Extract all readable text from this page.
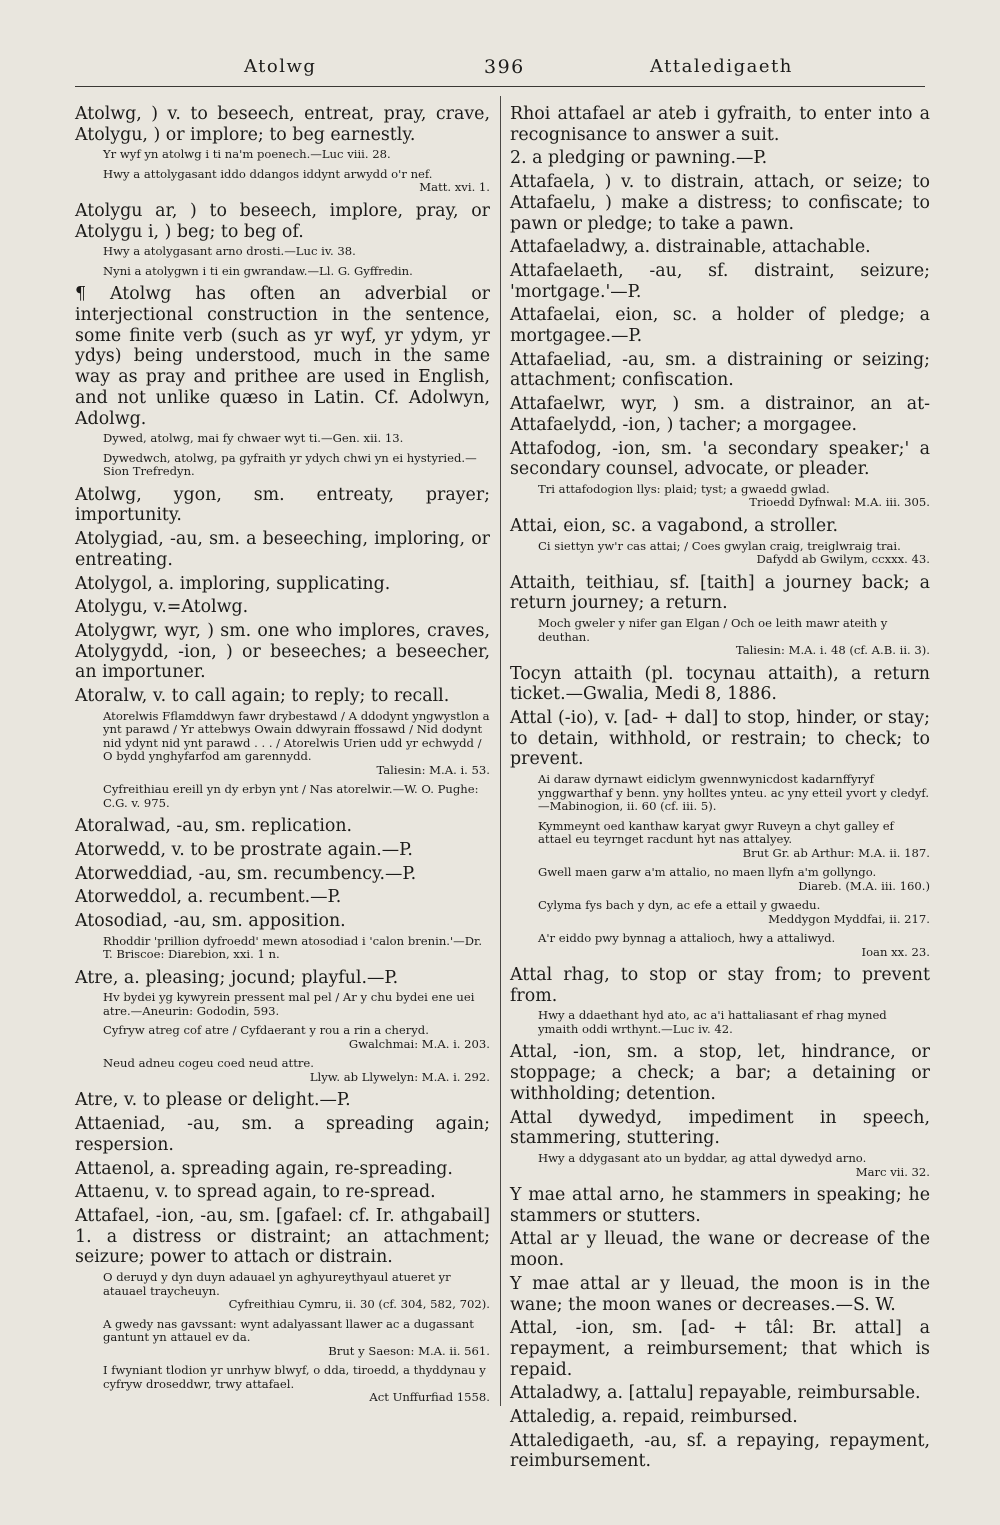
Atolwg	396	Attaledigaeth

Atolwg, ) v. to beseech, entreat, pray, crave, Atolygu, ) or implore; to beg earnestly.

Yr wyf yn atolwg i ti na'm poenech.—Luc viii. 28.

Hwy a attolygasant iddo ddangos iddynt arwydd o'r nef.
Matt. xvi. 1.

Atolygu ar, ) to beseech, implore, pray, or Atolygu i, ) beg; to beg of.

Hwy a atolygasant arno drosti.—Luc iv. 38.

Nyni a atolygwn i ti ein gwrandaw.—Ll. G. Gyffredin.

¶ Atolwg has often an adverbial or interjectional construction in the sentence, some finite verb (such as yr wyf, yr ydym, yr ydys) being understood, much in the same way as pray and prithee are used in English, and not unlike quæso in Latin. Cf. Adolwyn, Adolwg.

Dywed, atolwg, mai fy chwaer wyt ti.—Gen. xii. 13.

Dywedwch, atolwg, pa gyfraith yr ydych chwi yn ei hystyried.—Sion Trefredyn.

Atolwg, ygon, sm. entreaty, prayer; importunity.

Atolygiad, -au, sm. a beseeching, imploring, or entreating.

Atolygol, a. imploring, supplicating.

Atolygu, v.=Atolwg.

Atolygwr, wyr, ) sm. one who implores, craves, Atolygydd, -ion, ) or beseeches; a beseecher, an importuner.

Atoralw, v. to call again; to reply; to recall.

Atorelwis Fflamddwyn fawr drybestawd / A ddodynt yngwystlon a ynt parawd / Yr attebwys Owain ddwyrain ffossawd / Nid dodynt nid ydynt nid ynt parawd . . . / Atorelwis Urien udd yr echwydd / O bydd ynghyfarfod am garennydd.
Taliesin: M.A. i. 53.

Cyfreithiau ereill yn dy erbyn ynt / Nas atorelwir.—W. O. Pughe: C.G. v. 975.

Atoralwad, -au, sm. replication.

Atorwedd, v. to be prostrate again.—P.

Atorweddiad, -au, sm. recumbency.—P.

Atorweddol, a. recumbent.—P.

Atosodiad, -au, sm. apposition.

Rhoddir 'prillion dyfroedd' mewn atosodiad i 'calon brenin.'—Dr. T. Briscoe: Diarebion, xxi. 1 n.

Atre, a. pleasing; jocund; playful.—P.

Hv bydei yg kywyrein pressent mal pel / Ar y chu bydei ene uei atre.—Aneurin: Gododin, 593.

Cyfryw atreg cof atre / Cyfdaerant y rou a rin a cheryd.
Gwalchmai: M.A. i. 203.

Neud adneu cogeu coed neud attre.
Llyw. ab Llywelyn: M.A. i. 292.

Atre, v. to please or delight.—P.

Attaeniad, -au, sm. a spreading again; respersion.

Attaenol, a. spreading again, re-spreading.

Attaenu, v. to spread again, to re-spread.

Attafael, -ion, -au, sm. [gafael: cf. Ir. athgabail] 1. a distress or distraint; an attachment; seizure; power to attach or distrain.

O deruyd y dyn duyn adauael yn aghyureythyaul atueret yr atauael traycheuyn.
Cyfreithiau Cymru, ii. 30 (cf. 304, 582, 702).

A gwedy nas gavssant: wynt adalyassant llawer ac a dugassant gantunt yn attauel ev da.
Brut y Saeson: M.A. ii. 561.

I fwyniant tlodion yr unrhyw blwyf, o dda, tiroedd, a thyddynau y cyfryw droseddwr, trwy attafael.
Act Unffurfiad 1558.

Rhoi attafael ar ateb i gyfraith, to enter into a recognisance to answer a suit.

2. a pledging or pawning.—P.

Attafaela, ) v. to distrain, attach, or seize; to Attafaelu, ) make a distress; to confiscate; to pawn or pledge; to take a pawn.

Attafaeladwy, a. distrainable, attachable.

Attafaelaeth, -au, sf. distraint, seizure; 'mortgage.'—P.

Attafaelai, eion, sc. a holder of pledge; a mortgagee.—P.

Attafaeliad, -au, sm. a distraining or seizing; attachment; confiscation.

Attafaelwr, wyr, ) sm. a distrainor, an at- Attafaelydd, -ion, ) tacher; a morgagee.

Attafodog, -ion, sm. 'a secondary speaker;' a secondary counsel, advocate, or pleader.

Tri attafodogion llys: plaid; tyst; a gwaedd gwlad.
Trioedd Dyfnwal: M.A. iii. 305.

Attai, eion, sc. a vagabond, a stroller.

Ci siettyn yw'r cas attai; / Coes gwylan craig, treiglwraig trai.
Dafydd ab Gwilym, ccxxx. 43.

Attaith, teithiau, sf. [taith] a journey back; a return journey; a return.

Moch gweler y nifer gan Elgan / Och oe leith mawr ateith y deuthan.
Taliesin: M.A. i. 48 (cf. A.B. ii. 3).

Tocyn attaith (pl. tocynau attaith), a return ticket.—Gwalia, Medi 8, 1886.

Attal (-io), v. [ad- + dal] to stop, hinder, or stay; to detain, withhold, or restrain; to check; to prevent.

Ai daraw dyrnawt eidiclym gwennwynicdost kadarnffyryf ynggwarthaf y benn. yny holltes ynteu. ac yny etteil yvort y cledyf.—Mabinogion, ii. 60 (cf. iii. 5).

Kymmeynt oed kanthaw karyat gwyr Ruveyn a chyt galley ef attael eu teyrnget racdunt hyt nas attalyey.
Brut Gr. ab Arthur: M.A. ii. 187.

Gwell maen garw a'm attalio, no maen llyfn a'm gollyngo.
Diareb. (M.A. iii. 160.)

Cylyma fys bach y dyn, ac efe a ettail y gwaedu.
Meddygon Myddfai, ii. 217.

A'r eiddo pwy bynnag a attalioch, hwy a attaliwyd.
Ioan xx. 23.

Attal rhag, to stop or stay from; to prevent from.

Hwy a ddaethant hyd ato, ac a'i hattaliasant ef rhag myned ymaith oddi wrthynt.—Luc iv. 42.

Attal, -ion, sm. a stop, let, hindrance, or stoppage; a check; a bar; a detaining or withholding; detention.

Attal dywedyd, impediment in speech, stammering, stuttering.

Hwy a ddygasant ato un byddar, ag attal dywedyd arno.
Marc vii. 32.

Y mae attal arno, he stammers in speaking; he stammers or stutters.

Attal ar y lleuad, the wane or decrease of the moon.

Y mae attal ar y lleuad, the moon is in the wane; the moon wanes or decreases.—S. W.

Attal, -ion, sm. [ad- + tâl: Br. attal] a repayment, a reimbursement; that which is repaid.

Attaladwy, a. [attalu] repayable, reimbursable.

Attaledig, a. repaid, reimbursed.

Attaledigaeth, -au, sf. a repaying, repayment, reimbursement.
